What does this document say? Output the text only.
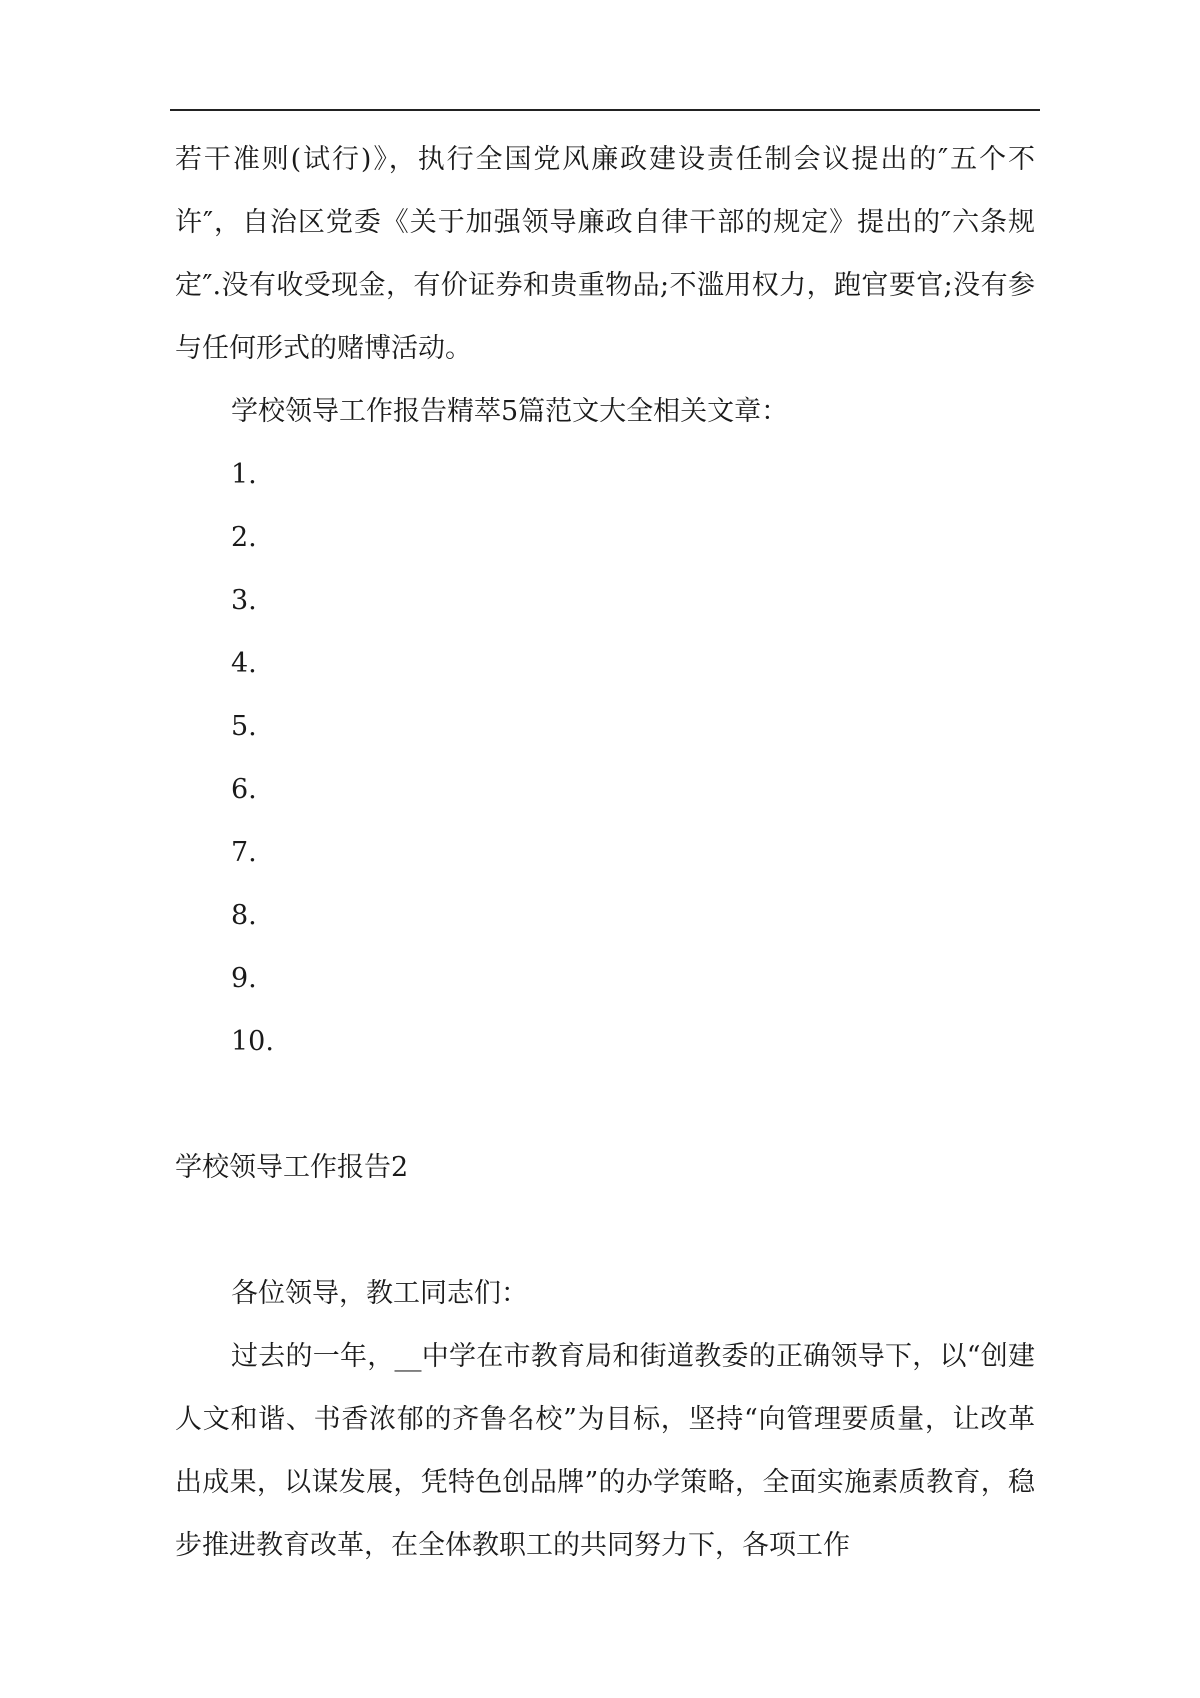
若干准则(试行)》，执行全国党风廉政建设责任制会议提出的″五个不许″，自治区党委《关于加强领导廉政自律干部的规定》提出的″六条规定″.没有收受现金，有价证券和贵重物品;不滥用权力，跑官要官;没有参与任何形式的赌博活动。

学校领导工作报告精萃5篇范文大全相关文章：

1.
2.
3.
4.
5.
6.
7.
8.
9.
10.
学校领导工作报告2

各位领导，教工同志们：

过去的一年，__中学在市教育局和街道教委的正确领导下，以“创建人文和谐、书香浓郁的齐鲁名校”为目标，坚持“向管理要质量，让改革出成果，以谋发展，凭特色创品牌”的办学策略，全面实施素质教育，稳步推进教育改革，在全体教职工的共同努力下，各项工作
